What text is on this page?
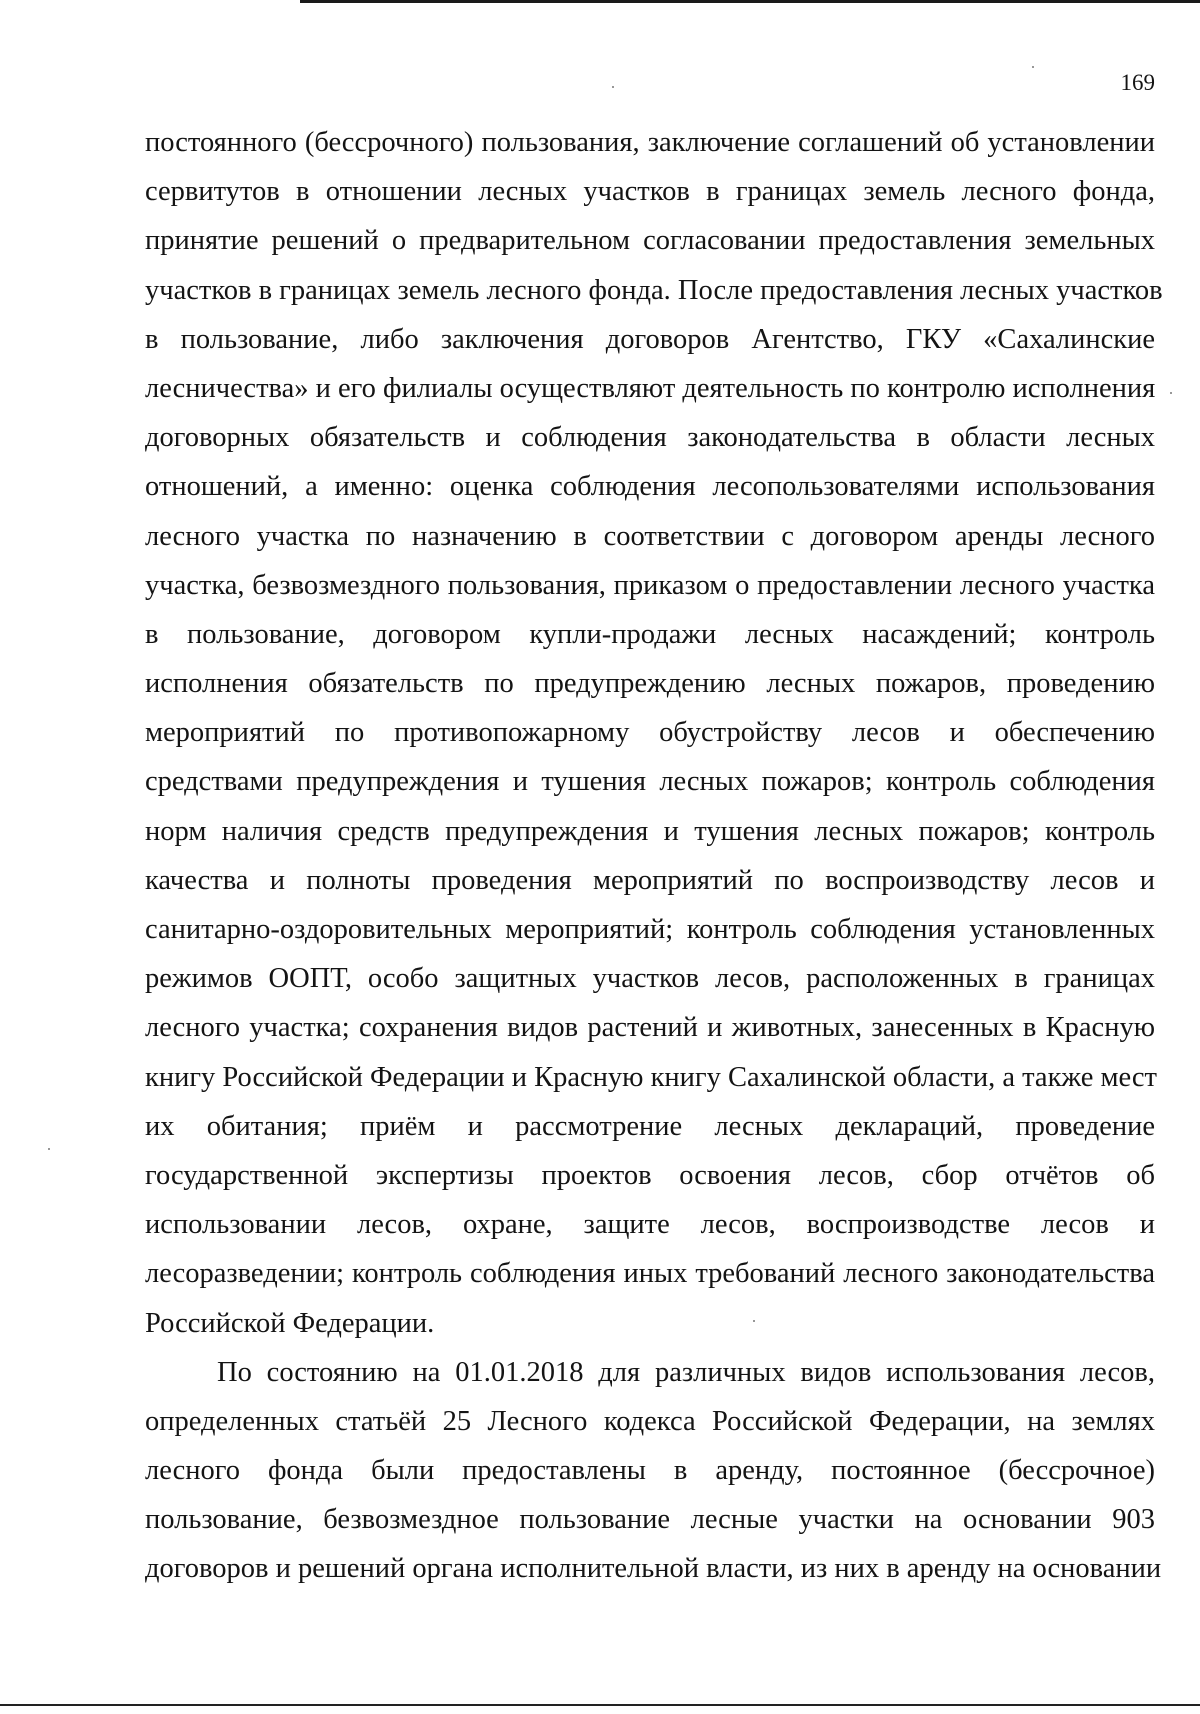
169
постоянного (бессрочного) пользования, заключение соглашений об установлении
сервитутов в отношении лесных участков в границах земель лесного фонда,
принятие решений о предварительном согласовании предоставления земельных
участков в границах земель лесного фонда. После предоставления лесных участков
в пользование, либо заключения договоров Агентство, ГКУ «Сахалинские
лесничества» и его филиалы осуществляют деятельность по контролю исполнения
договорных обязательств и соблюдения законодательства в области лесных
отношений, а именно: оценка соблюдения лесопользователями использования
лесного участка по назначению в соответствии с договором аренды лесного
участка, безвозмездного пользования, приказом о предоставлении лесного участка
в пользование, договором купли-продажи лесных насаждений; контроль
исполнения обязательств по предупреждению лесных пожаров, проведению
мероприятий по противопожарному обустройству лесов и обеспечению
средствами предупреждения и тушения лесных пожаров; контроль соблюдения
норм наличия средств предупреждения и тушения лесных пожаров; контроль
качества и полноты проведения мероприятий по воспроизводству лесов и
санитарно-оздоровительных мероприятий; контроль соблюдения установленных
режимов ООПТ, особо защитных участков лесов, расположенных в границах
лесного участка; сохранения видов растений и животных, занесенных в Красную
книгу Российской Федерации и Красную книгу Сахалинской области, а также мест
их обитания; приём и рассмотрение лесных деклараций, проведение
государственной экспертизы проектов освоения лесов, сбор отчётов об
использовании лесов, охране, защите лесов, воспроизводстве лесов и
лесоразведении; контроль соблюдения иных требований лесного законодательства
Российской Федерации.
По состоянию на 01.01.2018 для различных видов использования лесов,
определенных статьёй 25 Лесного кодекса Российской Федерации, на землях
лесного фонда были предоставлены в аренду, постоянное (бессрочное)
пользование, безвозмездное пользование лесные участки на основании 903
договоров и решений органа исполнительной власти, из них в аренду на основании
